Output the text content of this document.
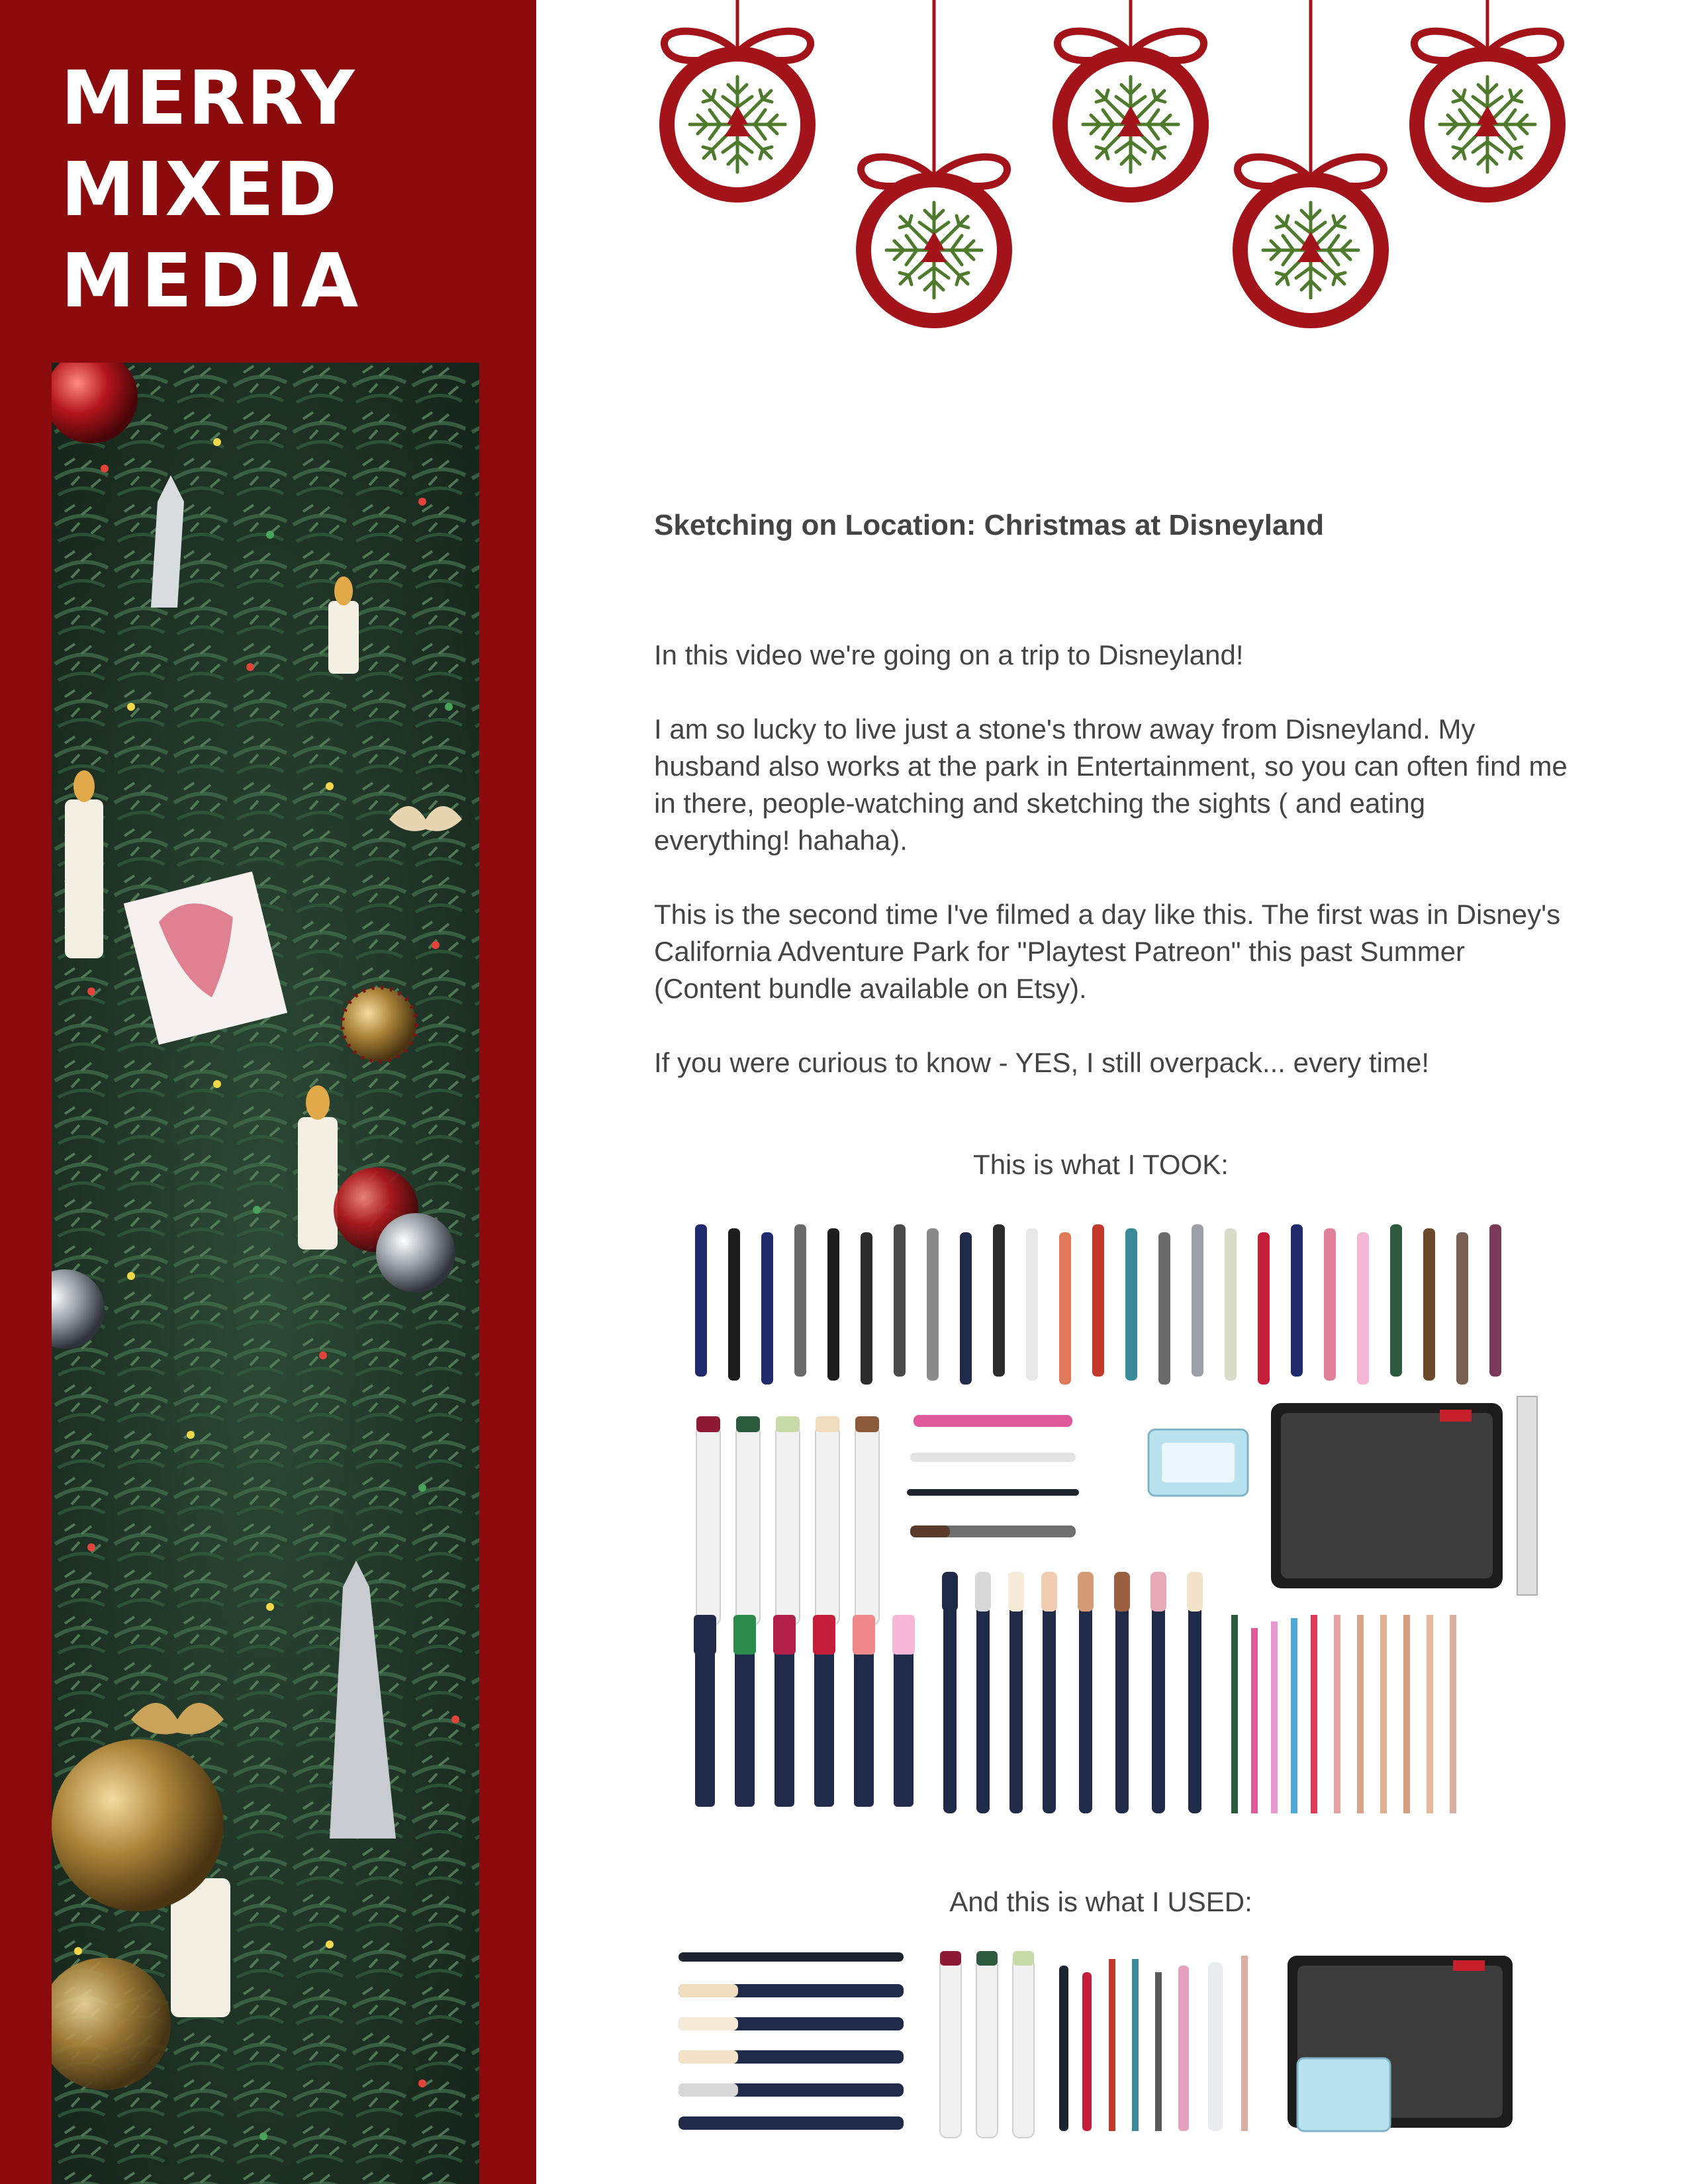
MERRY
MIXED
MEDIA
Sketching on Location: Christmas at Disneyland
In this video we're going on a trip to Disneyland!
I am so lucky to live just a stone's throw away from Disneyland. My husband also works at the park in Entertainment, so you can often find me in there, people-watching and sketching the sights ( and eating everything! hahaha).
This is the second time I've filmed a day like this. The first was in Disney's California Adventure Park for "Playtest Patreon" this past Summer (Content bundle available on Etsy).
If you were curious to know - YES, I still overpack... every time!
This is what I TOOK:
And this is what I USED:
